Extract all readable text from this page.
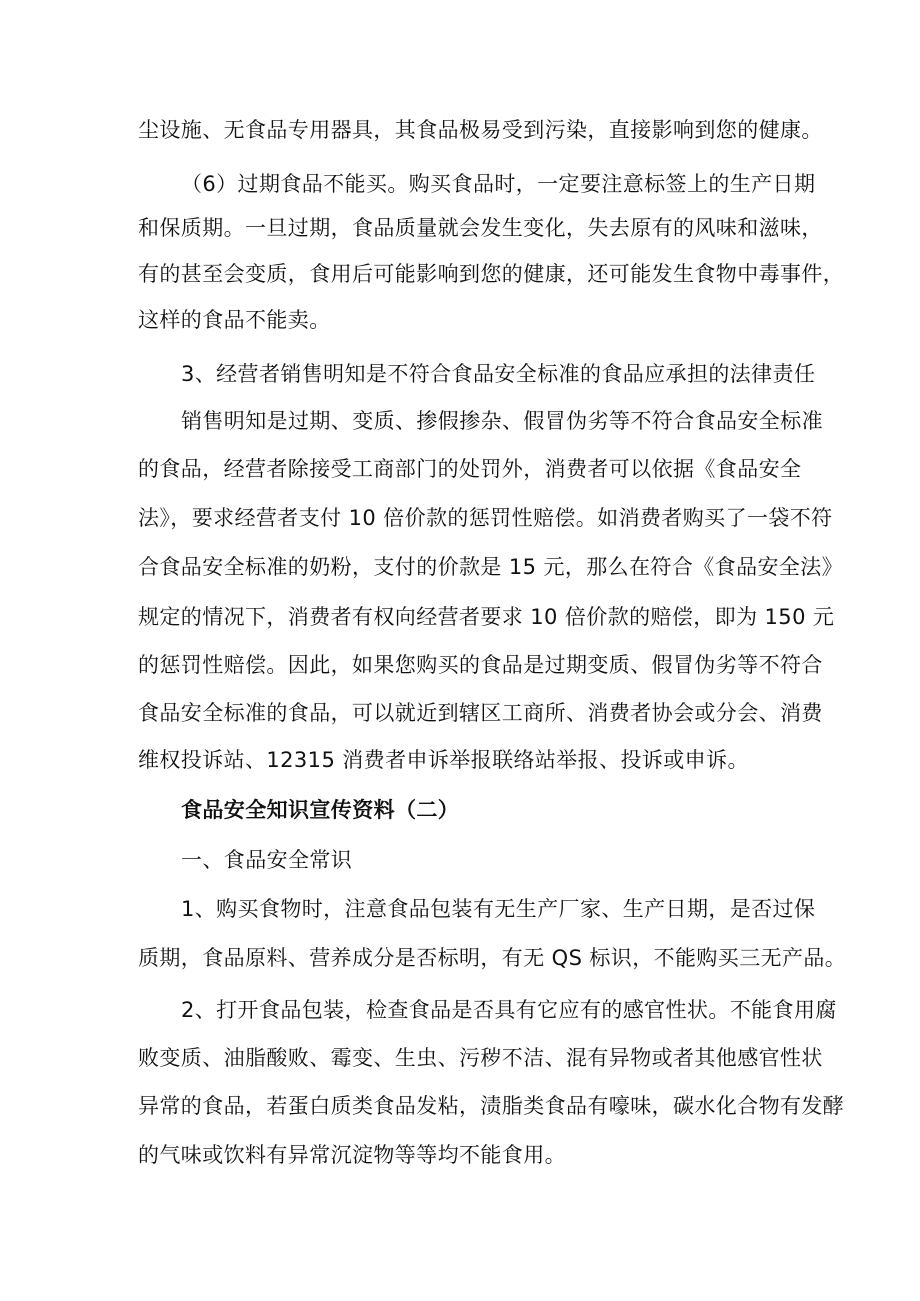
尘设施、无食品专用器具，其食品极易受到污染，直接影响到您的健康。
（6）过期食品不能买。购买食品时，一定要注意标签上的生产日期
和保质期。一旦过期，食品质量就会发生变化，失去原有的风味和滋味，
有的甚至会变质，食用后可能影响到您的健康，还可能发生食物中毒事件，
这样的食品不能卖。
3、经营者销售明知是不符合食品安全标准的食品应承担的法律责任
销售明知是过期、变质、掺假掺杂、假冒伪劣等不符合食品安全标准
的食品，经营者除接受工商部门的处罚外，消费者可以依据《食品安全
法》，要求经营者支付 10 倍价款的惩罚性赔偿。如消费者购买了一袋不符
合食品安全标准的奶粉，支付的价款是 15 元，那么在符合《食品安全法》
规定的情况下，消费者有权向经营者要求 10 倍价款的赔偿，即为 150 元
的惩罚性赔偿。因此，如果您购买的食品是过期变质、假冒伪劣等不符合
食品安全标准的食品，可以就近到辖区工商所、消费者协会或分会、消费
维权投诉站、12315 消费者申诉举报联络站举报、投诉或申诉。
食品安全知识宣传资料（二）
一、食品安全常识
1、购买食物时，注意食品包装有无生产厂家、生产日期，是否过保
质期，食品原料、营养成分是否标明，有无 QS 标识，不能购买三无产品。
2、打开食品包装，检查食品是否具有它应有的感官性状。不能食用腐
败变质、油脂酸败、霉变、生虫、污秽不洁、混有异物或者其他感官性状
异常的食品，若蛋白质类食品发粘，渍脂类食品有嚎味，碳水化合物有发酵
的气味或饮料有异常沉淀物等等均不能食用。
